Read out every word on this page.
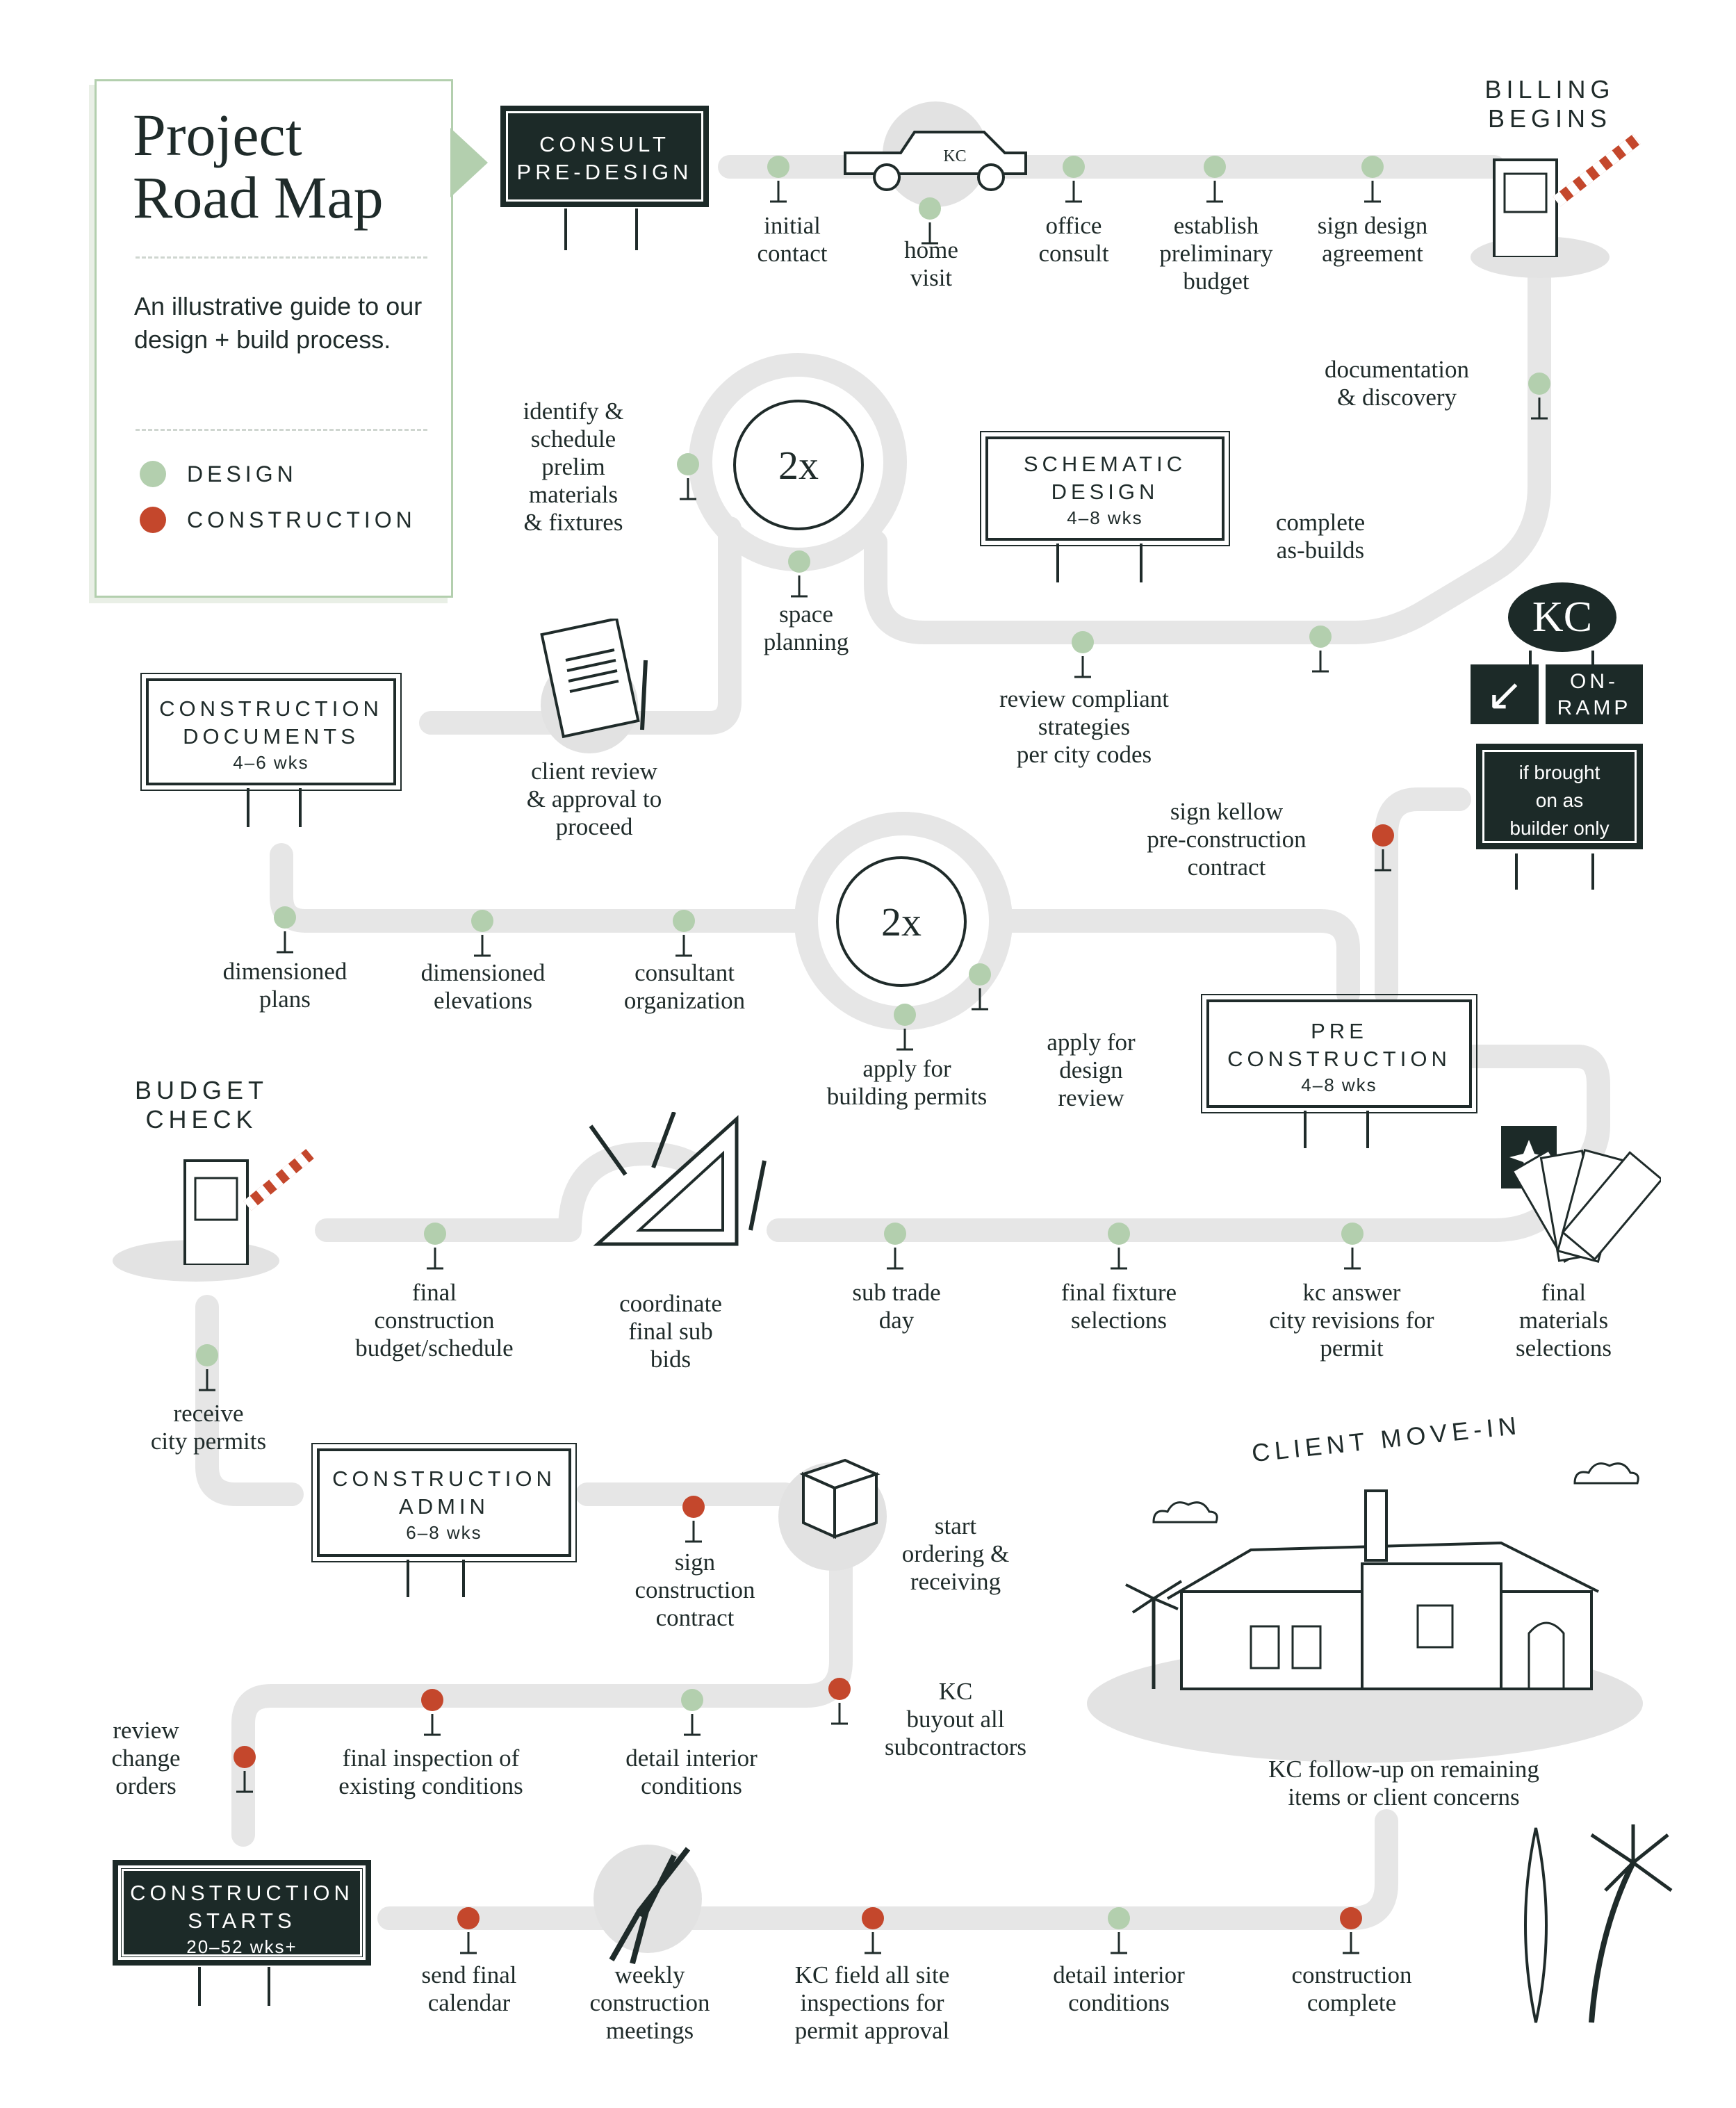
Project
Road Map
An illustrative guide to our design + build process.
DESIGN
CONSTRUCTION
CONSULT
PRE-DESIGN
SCHEMATIC
DESIGN
4–8 wks
CONSTRUCTION
DOCUMENTS
4–6 wks
PRE
CONSTRUCTION
4–8 wks
CONSTRUCTION
ADMIN
6–8 wks
CONSTRUCTION
STARTS
20–52 wks+
KC
↙	ON-
RAMP
if brought
on as
builder only
2x
2x
BILLING
BEGINS
BUDGET
CHECK
CLIENT MOVE-IN
KC
initial
contact	home
visit
office
consult
establish
preliminary
budget
sign design
agreement
documentation
& discovery
identify &
schedule
prelim
materials
& fixtures
space
planning
complete
as-builds
review compliant
strategies
per city codes
client review
& approval to
proceed
sign kellow
pre-construction
contract
dimensioned
plans
dimensioned
elevations
consultant
organization
apply for
building permits
apply for
design
review
final
construction
budget/schedule
coordinate
final sub
bids
sub trade
day
final fixture
selections
kc answer
city revisions for
permit
final
materials
selections
receive
city permits
sign
construction
contract
start
ordering &
receiving
KC
buyout all
subcontractors
review
change
orders
final inspection of
existing conditions
detail interior
conditions
send final
calendar
weekly
construction
meetings
KC field all site
inspections for
permit approval
detail interior
conditions
construction
complete
KC follow-up on remaining
items or client concerns
